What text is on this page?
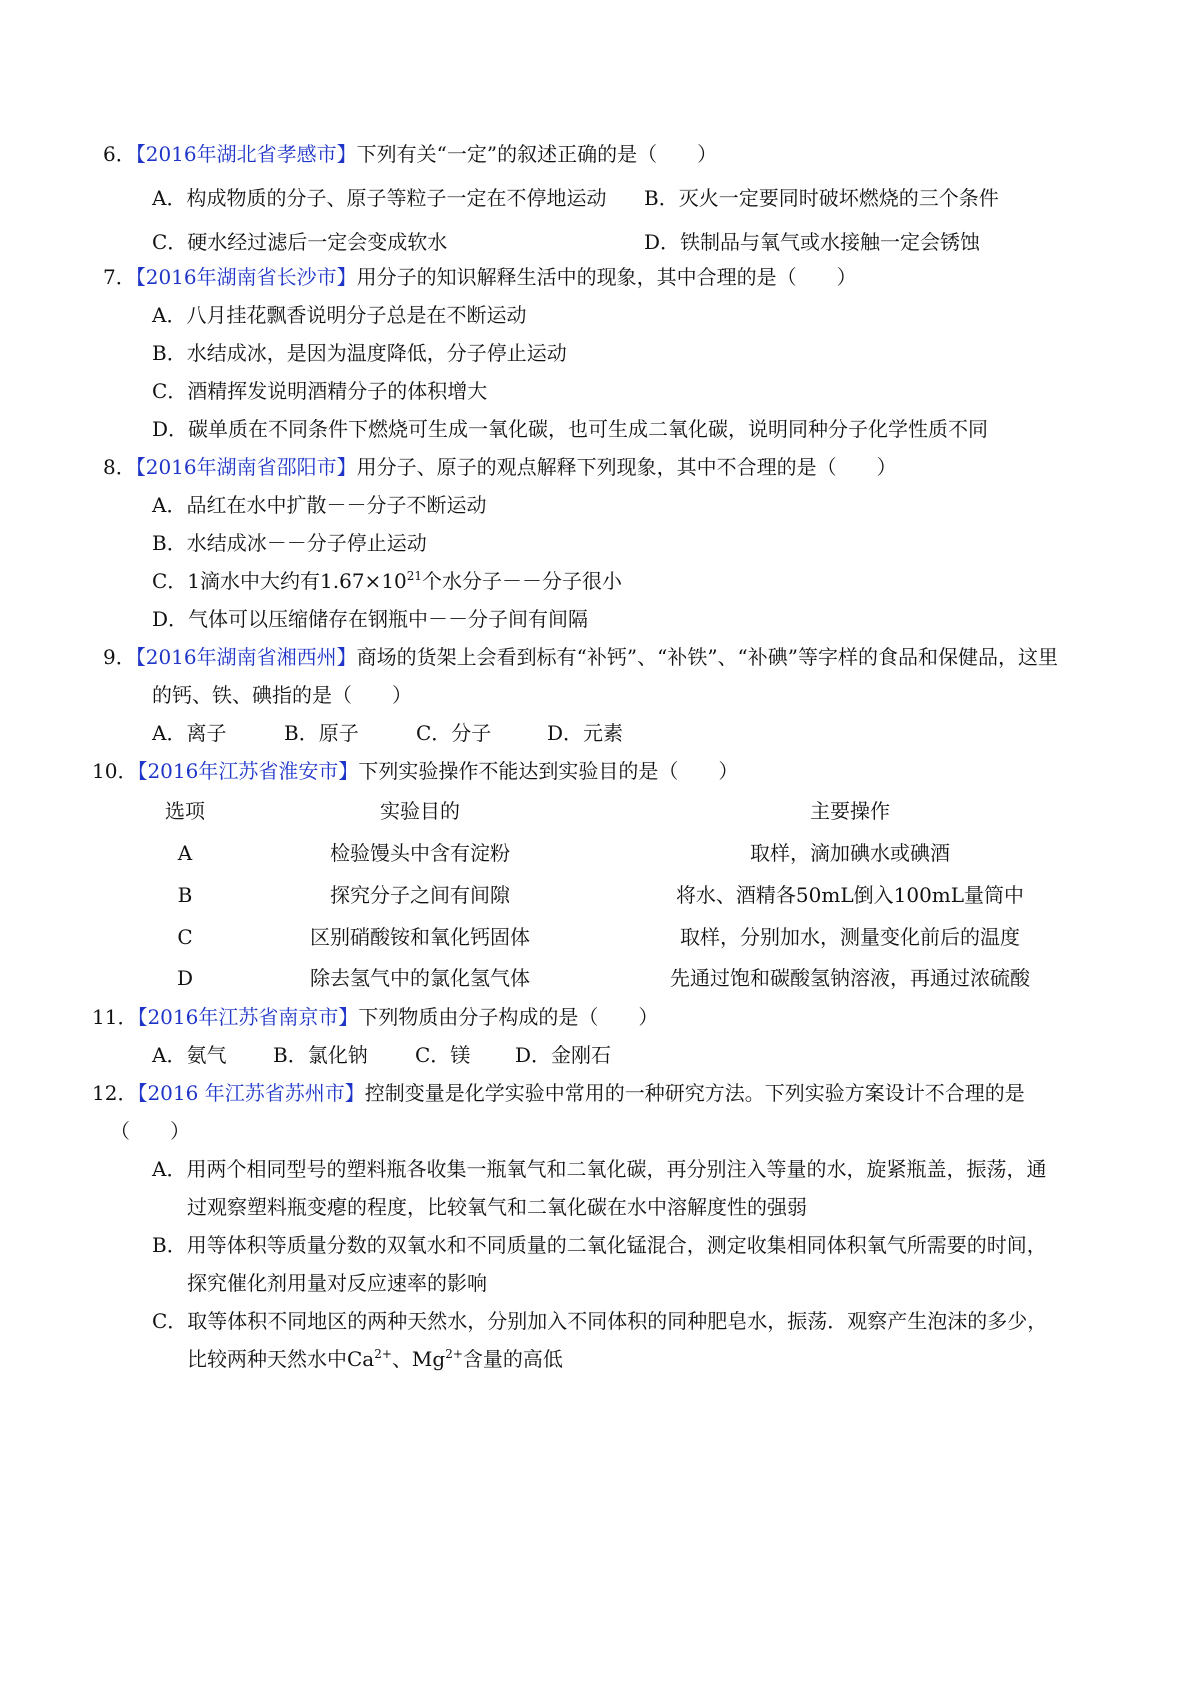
6．【2016年湖北省孝感市】下列有关“一定”的叙述正确的是（　　）
A．构成物质的分子、原子等粒子一定在不停地运动 B．灭火一定要同时破坏燃烧的三个条件
C．硬水经过滤后一定会变成软水	D．铁制品与氧气或水接触一定会锈蚀
7．【2016年湖南省长沙市】用分子的知识解释生活中的现象，其中合理的是（　　）
A．八月挂花飘香说明分子总是在不断运动
B．水结成冰，是因为温度降低，分子停止运动
C．酒精挥发说明酒精分子的体积增大
D．碳单质在不同条件下燃烧可生成一氧化碳，也可生成二氧化碳，说明同种分子化学性质不同
8．【2016年湖南省邵阳市】用分子、原子的观点解释下列现象，其中不合理的是（　　）
A．品红在水中扩散－－分子不断运动
B．水结成冰－－分子停止运动
C．1滴水中大约有$1.67\times 10^{21}$个水分子－－分子很小
D．气体可以压缩储存在钢瓶中－－分子间有间隔
9．【2016年湖南省湘西州】商场的货架上会看到标有“补钙”、“补铁”、“补碘”等字样的食品和保健品，这里
的钙、铁、碘指的是（　　）
A．离子	B．原子	C．分子	D．元素
10．【2016年江苏省淮安市】下列实验操作不能达到实验目的是（　　）
选项	实验目的	主要操作
A	检验馒头中含有淀粉	取样，滴加碘水或碘酒
B	探究分子之间有间隙	将水、酒精各50mL倒入100mL量筒中
C	区别硝酸铵和氧化钙固体	取样，分别加水，测量变化前后的温度
D	除去氢气中的氯化氢气体	先通过饱和碳酸氢钠溶液，再通过浓硫酸
11．【2016年江苏省南京市】下列物质由分子构成的是（　　）
A．氨气 B．氯化钠 C．镁 D．金刚石
12．【2016 年江苏省苏州市】控制变量是化学实验中常用的一种研究方法。下列实验方案设计不合理的是
（　　）
A．用两个相同型号的塑料瓶各收集一瓶氧气和二氧化碳，再分别注入等量的水，旋紧瓶盖，振荡，通
过观察塑料瓶变瘪的程度，比较氧气和二氧化碳在水中溶解度性的强弱
B．用等体积等质量分数的双氧水和不同质量的二氧化锰混合，测定收集相同体积氧气所需要的时间，
探究催化剂用量对反应速率的影响
C．取等体积不同地区的两种天然水，分别加入不同体积的同种肥皂水，振荡．观察产生泡沫的多少，
比较两种天然水中$Ca^{2+}$、$Mg^{2+}$含量的高低
